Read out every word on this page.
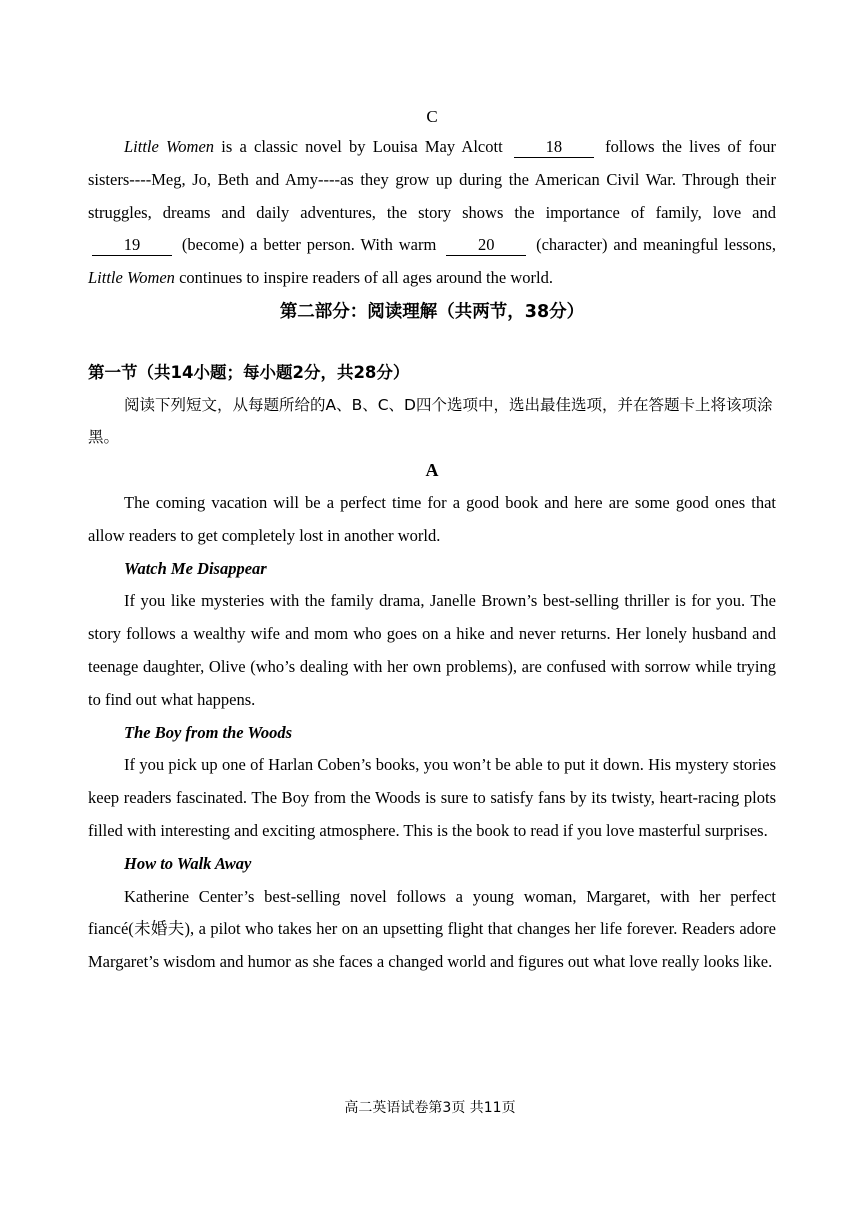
C

Little Women is a classic novel by Louisa May Alcott 18 follows the lives of four sisters----Meg, Jo, Beth and Amy----as they grow up during the American Civil War. Through their struggles, dreams and daily adventures, the story shows the importance of family, love and 19 (become) a better person. With warm 20 (character) and meaningful lessons, Little Women continues to inspire readers of all ages around the world.

第二部分：阅读理解（共两节，38分）
第一节（共14小题；每小题2分，共28分）

阅读下列短文，从每题所给的A、B、C、D四个选项中，选出最佳选项，并在答题卡上将该项涂黑。

A

The coming vacation will be a perfect time for a good book and here are some good ones that allow readers to get completely lost in another world.

Watch Me Disappear

If you like mysteries with the family drama, Janelle Brown’s best-selling thriller is for you. The story follows a wealthy wife and mom who goes on a hike and never returns. Her lonely husband and teenage daughter, Olive (who’s dealing with her own problems), are confused with sorrow while trying to find out what happens.

The Boy from the Woods

If you pick up one of Harlan Coben’s books, you won’t be able to put it down. His mystery stories keep readers fascinated. The Boy from the Woods is sure to satisfy fans by its twisty, heart-racing plots filled with interesting and exciting atmosphere. This is the book to read if you love masterful surprises.

How to Walk Away

Katherine Center’s best-selling novel follows a young woman, Margaret, with her perfect fiancé(未婚夫), a pilot who takes her on an upsetting flight that changes her life forever. Readers adore Margaret’s wisdom and humor as she faces a changed world and figures out what love really looks like.

高二英语试卷第3页 共11页
